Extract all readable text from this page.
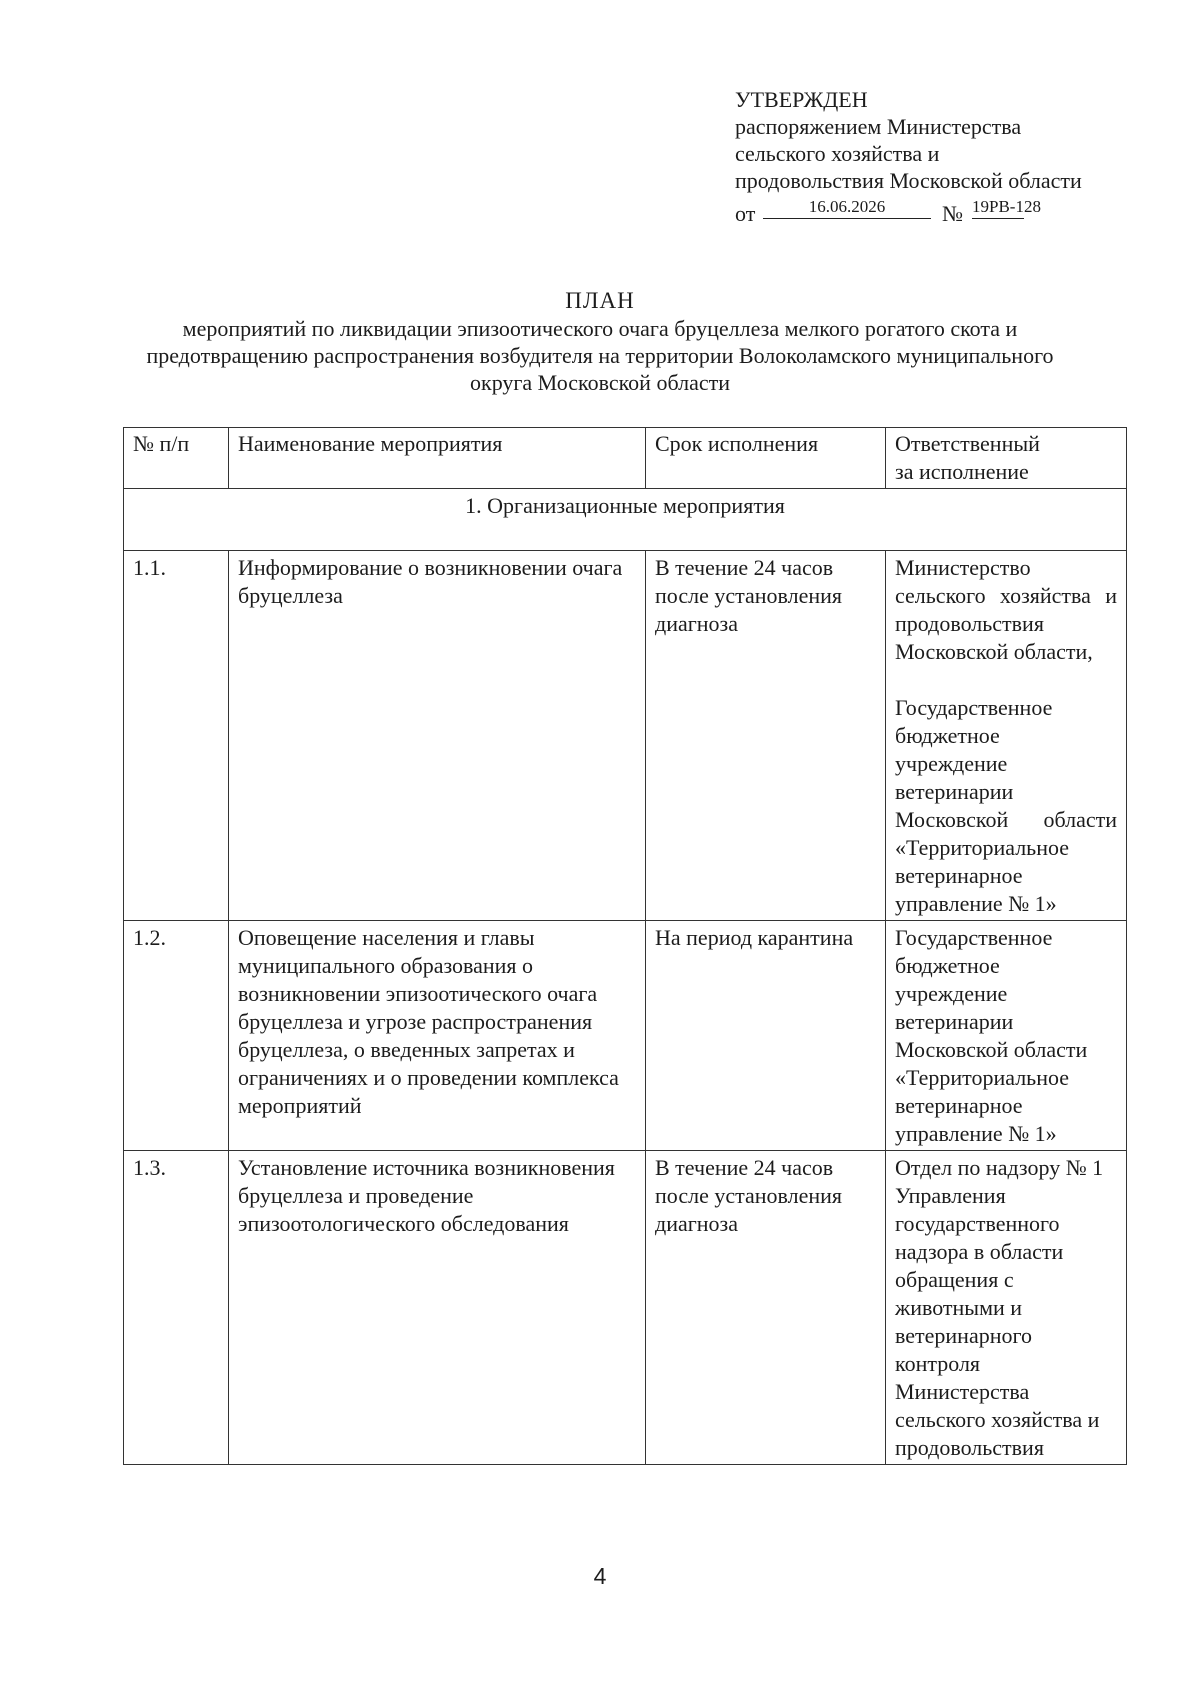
УТВЕРЖДЕН
распоряжением Министерства
сельского хозяйства и
продовольствия Московской области
от	16.06.2026	№ 19РВ-128
ПЛАН
мероприятий по ликвидации эпизоотического очага бруцеллеза мелкого рогатого скота и
предотвращению распространения возбудителя на территории Волоколамского муниципального
округа Московской области
№ п/п	Наименование мероприятия	Срок исполнения	Ответственный
за исполнение

1. Организационные мероприятия			
1.1.	Информирование о возникновении очага бруцеллеза	В течение 24 часов после установления диагноза	Министерство сельского хозяйства и продовольствия Московской области,
Государственное бюджетное учреждение ветеринарии Московской области «Территориальное ветеринарное управление № 1»

1.2.	Оповещение населения и главы муниципального образования о возникновении эпизоотического очага бруцеллеза и угрозе распространения бруцеллеза, о введенных запретах и ограничениях и о проведении комплекса мероприятий	На период карантина	Государственное бюджетное учреждение ветеринарии Московской области «Территориальное ветеринарное управление № 1»
1.3.	Установление источника возникновения бруцеллеза и проведение эпизоотологического обследования	В течение 24 часов после установления диагноза	Отдел по надзору № 1 Управления государственного надзора в области обращения с животными и ветеринарного контроля Министерства сельского хозяйства и продовольствия
4
